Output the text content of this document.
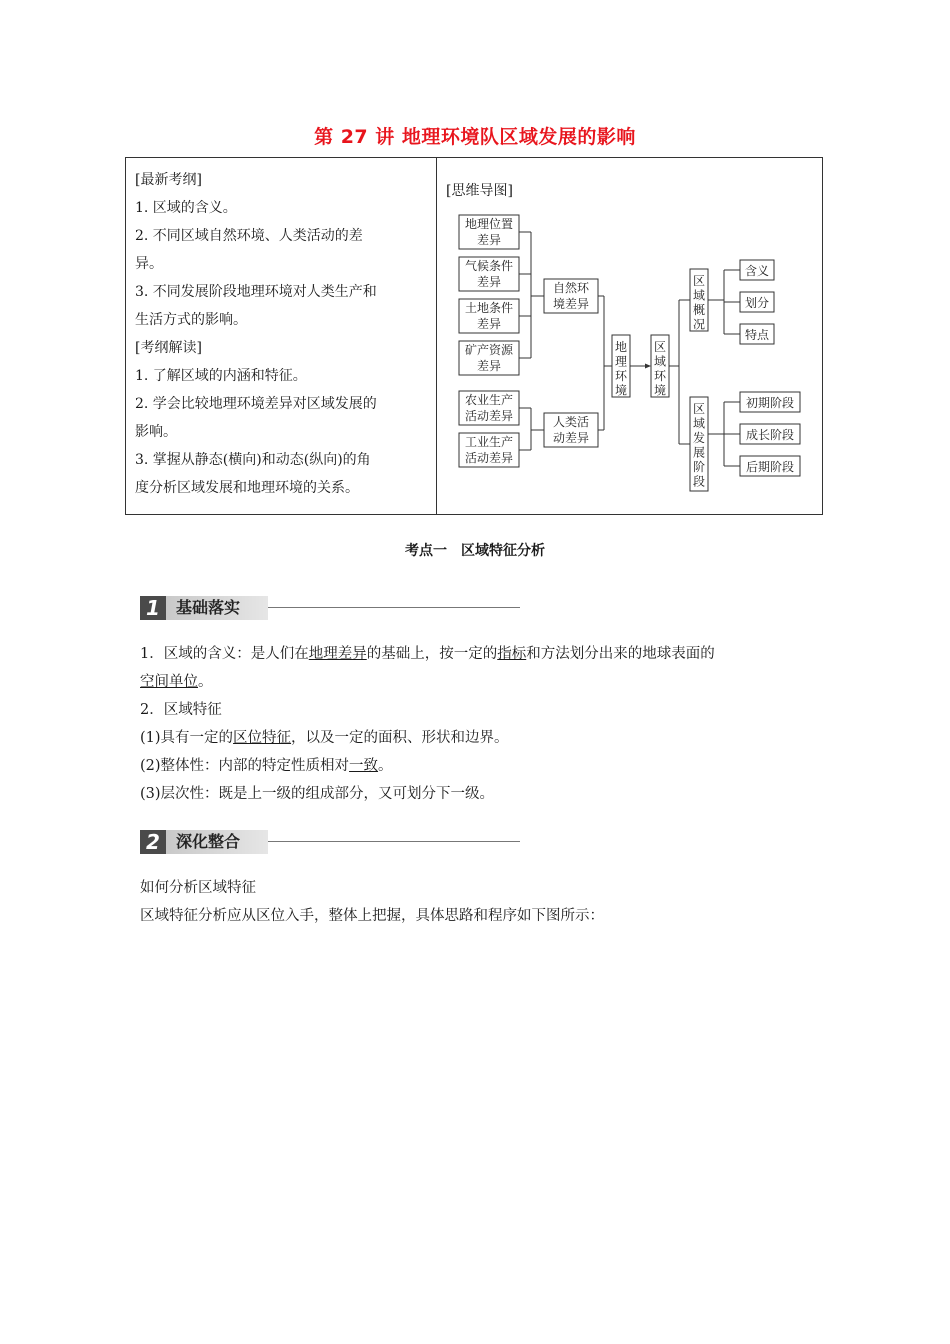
第 27 讲 地理环境队区域发展的影响
[最新考纲]
1. 区域的含义。
2. 不同区域自然环境、人类活动的差
异。
3. 不同发展阶段地理环境对人类生产和
生活方式的影响。
[考纲解读]
1. 了解区域的内涵和特征。
2. 学会比较地理环境差异对区域发展的
影响。
3. 掌握从静态(横向)和动态(纵向)的角
度分析区域发展和地理环境的关系。
[思维导图]
地理位置
差异
气候条件
差异
土地条件
差异
矿产资源
差异
农业生产
活动差异
工业生产
活动差异
自然环
境差异
人类活
动差异
地理环境
区域环境
区域概况
区域发展阶段
含义
划分
特点
初期阶段
成长阶段
后期阶段
考点一　区域特征分析
1	基础落实
1．区域的含义：是人们在地理差异的基础上，按一定的指标和方法划分出来的地球表面的
空间单位。
2．区域特征
(1)具有一定的区位特征，以及一定的面积、形状和边界。
(2)整体性：内部的特定性质相对一致。
(3)层次性：既是上一级的组成部分，又可划分下一级。
2	深化整合
如何分析区域特征
区域特征分析应从区位入手，整体上把握，具体思路和程序如下图所示：
